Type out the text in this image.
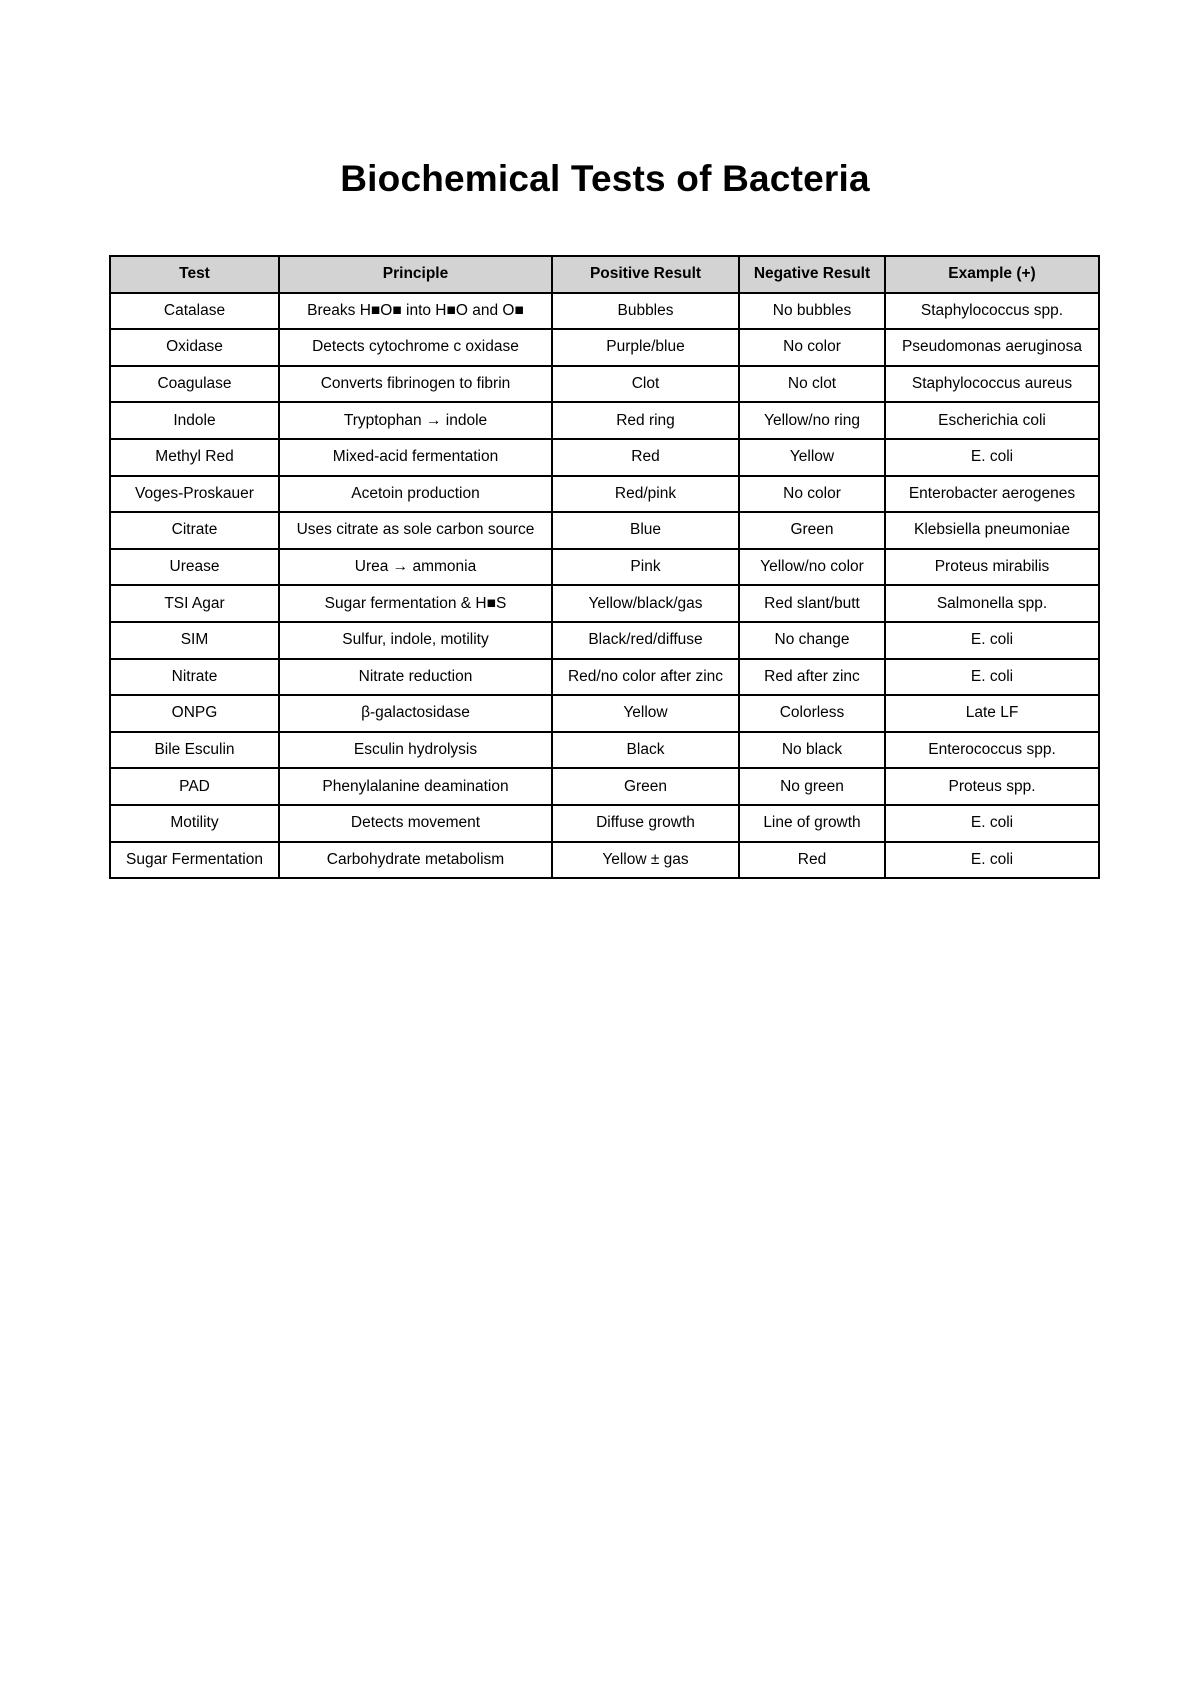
Biochemical Tests of Bacteria
Test	Principle	Positive Result	Negative Result	Example (+)
Catalase	Breaks H■O■ into H■O and O■	Bubbles	No bubbles	Staphylococcus spp.
Oxidase	Detects cytochrome c oxidase	Purple/blue	No color	Pseudomonas aeruginosa
Coagulase	Converts fibrinogen to fibrin	Clot	No clot	Staphylococcus aureus
Indole	Tryptophan → indole	Red ring	Yellow/no ring	Escherichia coli
Methyl Red	Mixed-acid fermentation	Red	Yellow	E. coli
Voges-Proskauer	Acetoin production	Red/pink	No color	Enterobacter aerogenes
Citrate	Uses citrate as sole carbon source	Blue	Green	Klebsiella pneumoniae
Urease	Urea → ammonia	Pink	Yellow/no color	Proteus mirabilis
TSI Agar	Sugar fermentation & H■S	Yellow/black/gas	Red slant/butt	Salmonella spp.
SIM	Sulfur, indole, motility	Black/red/diffuse	No change	E. coli
Nitrate	Nitrate reduction	Red/no color after zinc	Red after zinc	E. coli
ONPG	β-galactosidase	Yellow	Colorless	Late LF
Bile Esculin	Esculin hydrolysis	Black	No black	Enterococcus spp.
PAD	Phenylalanine deamination	Green	No green	Proteus spp.
Motility	Detects movement	Diffuse growth	Line of growth	E. coli
Sugar Fermentation	Carbohydrate metabolism	Yellow ± gas	Red	E. coli
